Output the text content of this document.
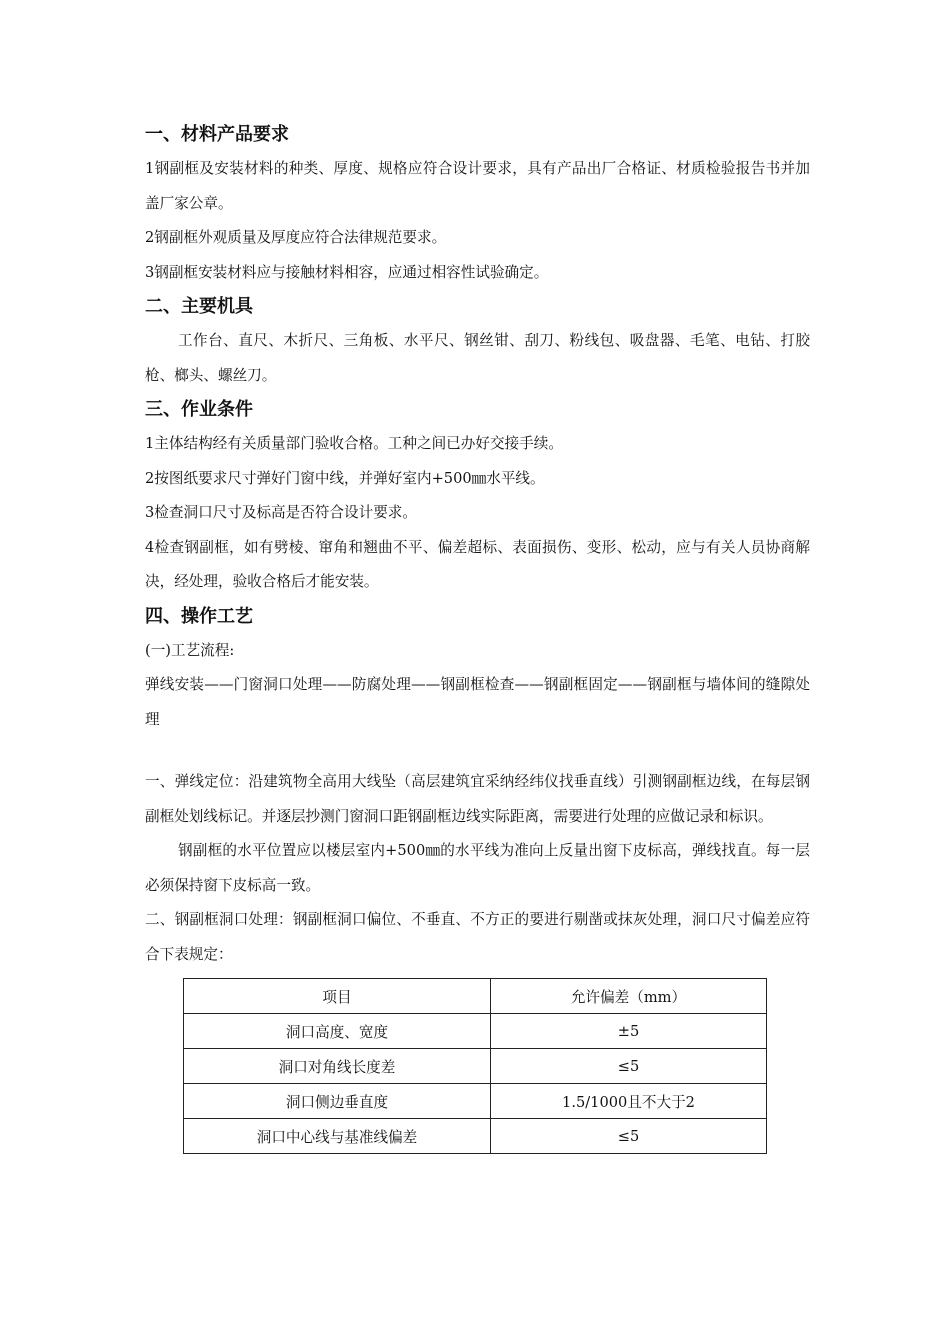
一、材料产品要求

1钢副框及安装材料的种类、厚度、规格应符合设计要求，具有产品出厂合格证、材质检验报告书并加盖厂家公章。

2钢副框外观质量及厚度应符合法律规范要求。

3钢副框安装材料应与接触材料相容，应通过相容性试验确定。

二、主要机具

工作台、直尺、木折尺、三角板、水平尺、钢丝钳、刮刀、粉线包、吸盘器、毛笔、电钻、打胶枪、榔头、螺丝刀。

三、作业条件

1主体结构经有关质量部门验收合格。工种之间已办好交接手续。

2按图纸要求尺寸弹好门窗中线，并弹好室内+500㎜水平线。

3检查洞口尺寸及标高是否符合设计要求。

4检查钢副框，如有劈棱、窜角和翘曲不平、偏差超标、表面损伤、变形、松动，应与有关人员协商解决，经处理，验收合格后才能安装。

四、操作工艺

(一)工艺流程:

弹线安装——门窗洞口处理——防腐处理——钢副框检查——钢副框固定——钢副框与墙体间的缝隙处理

一、弹线定位：沿建筑物全高用大线坠（高层建筑宜采纳经纬仪找垂直线）引测钢副框边线，在每层钢副框处划线标记。并逐层抄测门窗洞口距钢副框边线实际距离，需要进行处理的应做记录和标识。

钢副框的水平位置应以楼层室内+500㎜的水平线为准向上反量出窗下皮标高，弹线找直。每一层必须保持窗下皮标高一致。

二、钢副框洞口处理：钢副框洞口偏位、不垂直、不方正的要进行剔凿或抹灰处理，洞口尺寸偏差应符合下表规定：

项目	允许偏差（mm）
洞口高度、宽度	±5
洞口对角线长度差	≤5
洞口侧边垂直度	1.5/1000且不大于2
洞口中心线与基准线偏差	≤5
